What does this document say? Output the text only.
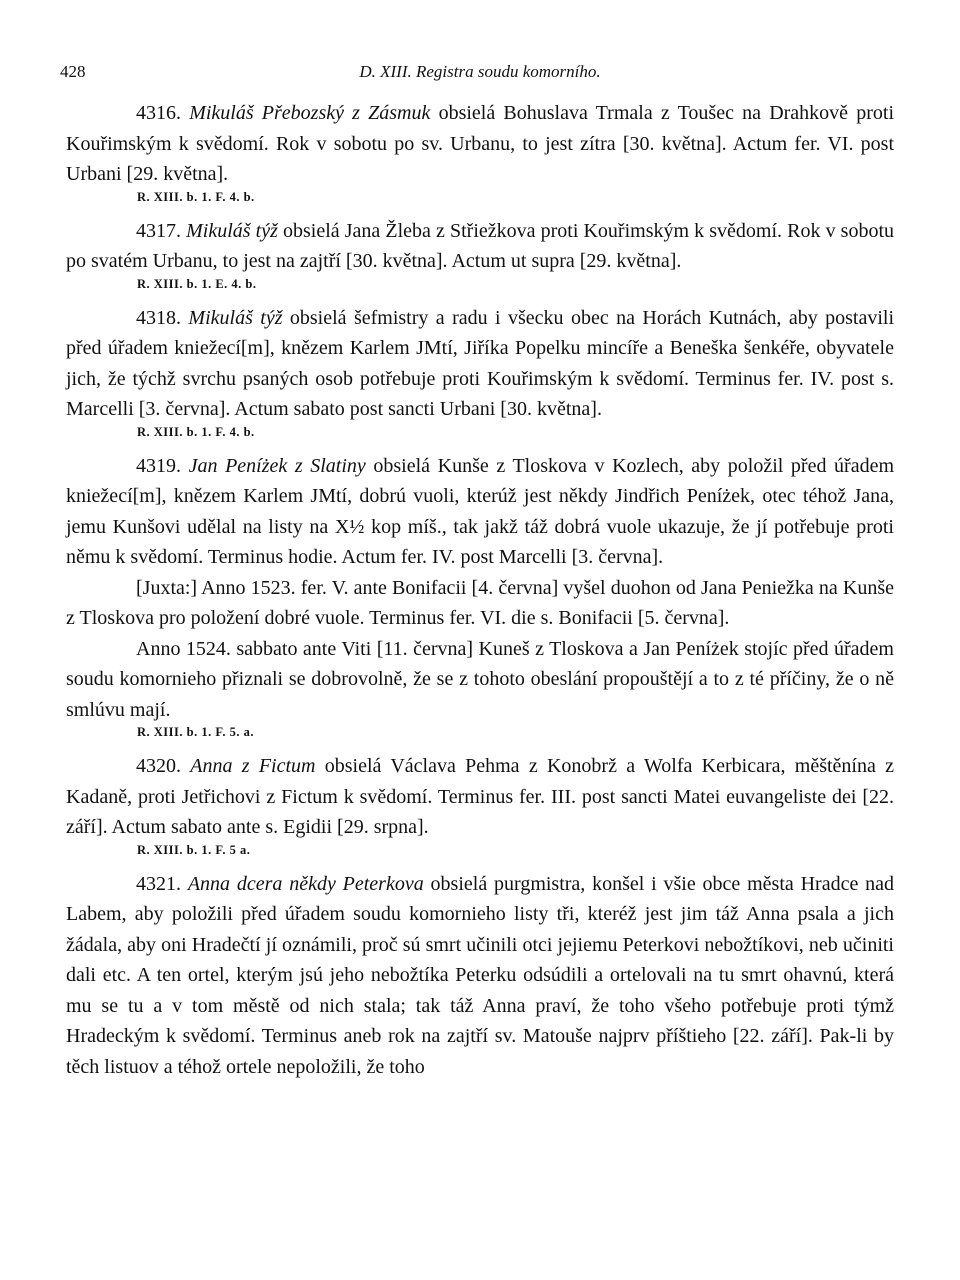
428	D. XIII. Registra soudu komorního.

4316. Mikuláš Přebozský z Zásmuk obsielá Bohuslava Trmala z Toušec na Drahkově proti Kouřimským k svědomí. Rok v sobotu po sv. Urbanu, to jest zítra [30. května]. Actum fer. VI. post Urbani [29. května].

R. XIII. b. 1. F. 4. b.

4317. Mikuláš týž obsielá Jana Žleba z Střiežkova proti Kouřimským k svědomí. Rok v sobotu po svatém Urbanu, to jest na zajtří [30. května]. Actum ut supra [29. května].

R. XIII. b. 1. E. 4. b.

4318. Mikuláš týž obsielá šefmistry a radu i všecku obec na Horách Kutnách, aby postavili před úřadem kniežecí[m], knězem Karlem JMtí, Jiříka Popelku mincíře a Beneška šenkéře, obyvatele jich, že týchž svrchu psaných osob potřebuje proti Kouřimským k svědomí. Terminus fer. IV. post s. Marcelli [3. června]. Actum sabato post sancti Urbani [30. května].

R. XIII. b. 1. F. 4. b.

4319. Jan Peníżek z Slatiny obsielá Kunše z Tloskova v Kozlech, aby položil před úřadem kniežecí[m], knězem Karlem JMtí, dobrú vuoli, kterúž jest někdy Jindřich Peníżek, otec téhož Jana, jemu Kunšovi udělal na listy na X½ kop míš., tak jakž táž dobrá vuole ukazuje, že jí potřebuje proti němu k svědomí. Terminus hodie. Actum fer. IV. post Marcelli [3. června].

[Juxta:] Anno 1523. fer. V. ante Bonifacii [4. června] vyšel duohon od Jana Peniežka na Kunše z Tloskova pro položení dobré vuole. Terminus fer. VI. die s. Bonifacii [5. června].

Anno 1524. sabbato ante Viti [11. června] Kuneš z Tloskova a Jan Peníżek stojíc před úřadem soudu komornieho přiznali se dobrovolně, že se z tohoto obeslání propouštějí a to z té příčiny, že o ně smlúvu mají.

R. XIII. b. 1. F. 5. a.

4320. Anna z Fictum obsielá Václava Pehma z Konobrž a Wolfa Kerbicara, měštěnína z Kadaně, proti Jetřichovi z Fictum k svědomí. Terminus fer. III. post sancti Matei euvangeliste dei [22. září]. Actum sabato ante s. Egidii [29. srpna].

R. XIII. b. 1. F. 5 a.

4321. Anna dcera někdy Peterkova obsielá purgmistra, konšel i všie obce města Hradce nad Labem, aby položili před úřadem soudu komornieho listy tři, kteréž jest jim táž Anna psala a jich žádala, aby oni Hradečtí jí oznámili, proč sú smrt učinili otci jejiemu Peterkovi nebožtíkovi, neb učiniti dali etc. A ten ortel, kterým jsú jeho nebožtíka Peterku odsúdili a ortelovali na tu smrt ohavnú, která mu se tu a v tom městě od nich stala; tak táž Anna praví, že toho všeho potřebuje proti týmž Hradeckým k svědomí. Terminus aneb rok na zajtří sv. Matouše najprv příštieho [22. září]. Pak-li by těch listuov a téhož ortele nepoložili, že toho
